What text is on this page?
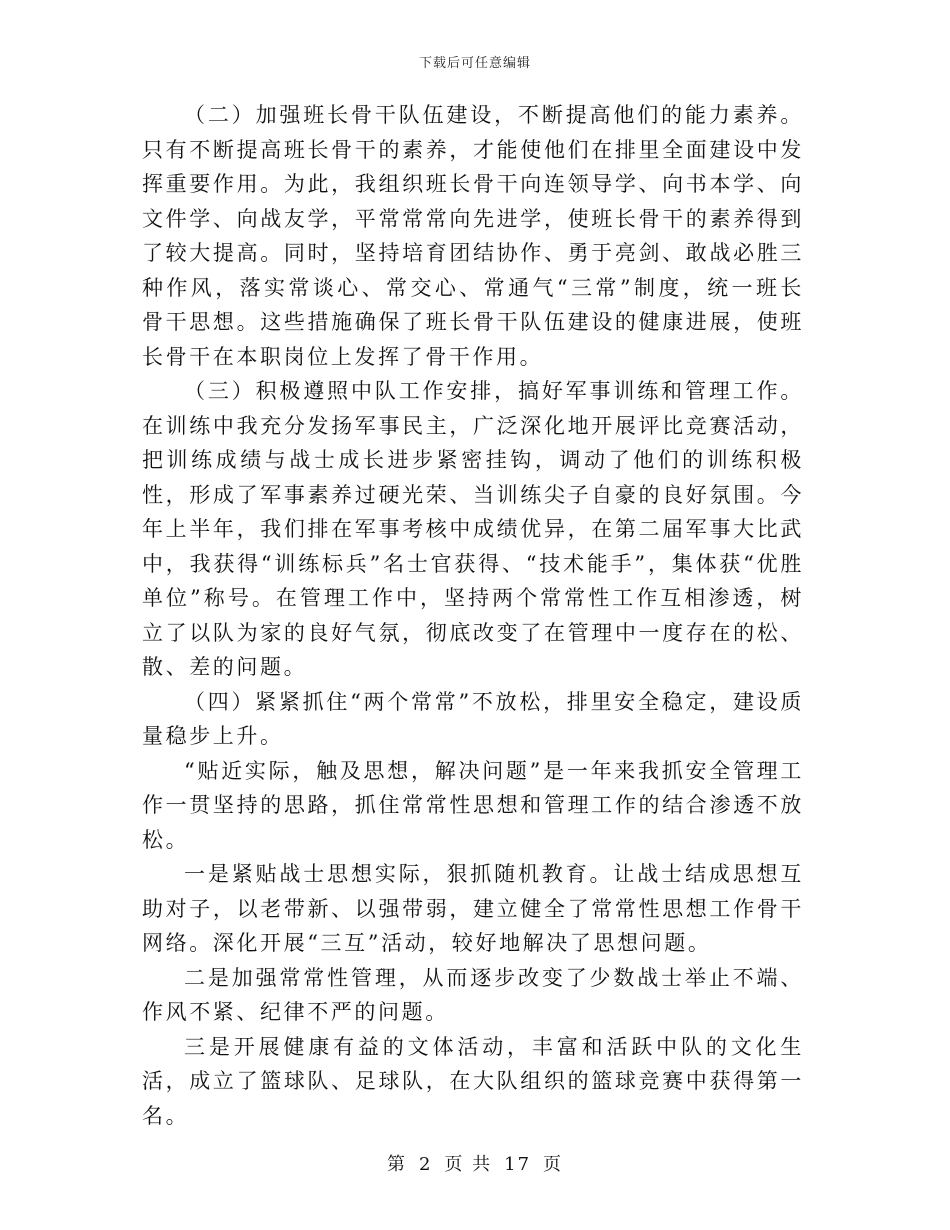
下载后可任意编辑

（二）加强班长骨干队伍建设，不断提高他们的能力素养。只有不断提高班长骨干的素养，才能使他们在排里全面建设中发挥重要作用。为此，我组织班长骨干向连领导学、向书本学、向文件学、向战友学，平常常常向先进学，使班长骨干的素养得到了较大提高。同时，坚持培育团结协作、勇于亮剑、敢战必胜三种作风，落实常谈心、常交心、常通气“三常”制度，统一班长骨干思想。这些措施确保了班长骨干队伍建设的健康进展，使班长骨干在本职岗位上发挥了骨干作用。

（三）积极遵照中队工作安排，搞好军事训练和管理工作。在训练中我充分发扬军事民主，广泛深化地开展评比竞赛活动，把训练成绩与战士成长进步紧密挂钩，调动了他们的训练积极性，形成了军事素养过硬光荣、当训练尖子自豪的良好氛围。今年上半年，我们排在军事考核中成绩优异，在第二届军事大比武中，我获得“训练标兵”名士官获得、“技术能手”，集体获“优胜单位”称号。在管理工作中，坚持两个常常性工作互相渗透，树立了以队为家的良好气氛，彻底改变了在管理中一度存在的松、散、差的问题。

（四）紧紧抓住“两个常常”不放松，排里安全稳定，建设质量稳步上升。

“贴近实际，触及思想，解决问题”是一年来我抓安全管理工作一贯坚持的思路，抓住常常性思想和管理工作的结合渗透不放松。

一是紧贴战士思想实际，狠抓随机教育。让战士结成思想互助对子，以老带新、以强带弱，建立健全了常常性思想工作骨干网络。深化开展“三互”活动，较好地解决了思想问题。

二是加强常常性管理，从而逐步改变了少数战士举止不端、作风不紧、纪律不严的问题。

三是开展健康有益的文体活动，丰富和活跃中队的文化生活，成立了篮球队、足球队，在大队组织的篮球竞赛中获得第一名。

第 2 页 共 17 页
